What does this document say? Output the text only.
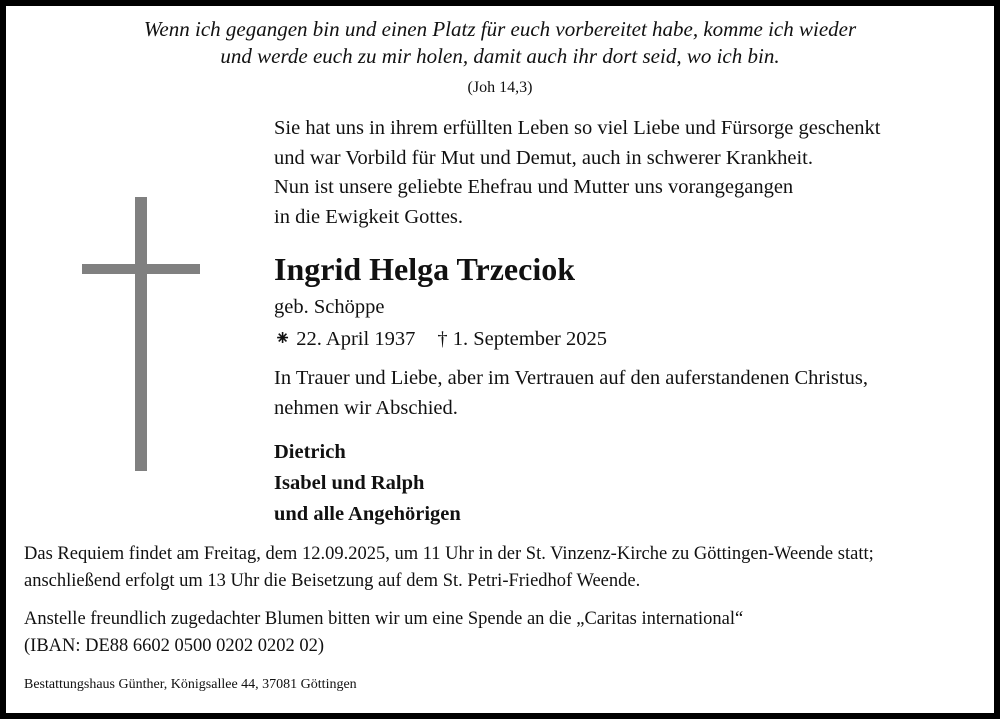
Wenn ich gegangen bin und einen Platz für euch vorbereitet habe, komme ich wieder
und werde euch zu mir holen, damit auch ihr dort seid, wo ich bin.
(Joh 14,3)
Sie hat uns in ihrem erfüllten Leben so viel Liebe und Fürsorge geschenkt
und war Vorbild für Mut und Demut, auch in schwerer Krankheit.
Nun ist unsere geliebte Ehefrau und Mutter uns vorangegangen
in die Ewigkeit Gottes.
Ingrid Helga Trzeciok
geb. Schöppe
⁕ 22. April 1937 † 1. September 2025
In Trauer und Liebe, aber im Vertrauen auf den auferstandenen Christus,
nehmen wir Abschied.
Dietrich
Isabel und Ralph
und alle Angehörigen
Das Requiem findet am Freitag, dem 12.09.2025, um 11 Uhr in der St. Vinzenz-Kirche zu Göttingen-Weende statt;
anschließend erfolgt um 13 Uhr die Beisetzung auf dem St. Petri-Friedhof Weende.
Anstelle freundlich zugedachter Blumen bitten wir um eine Spende an die „Caritas international“
(IBAN: DE88 6602 0500 0202 0202 02)
Bestattungshaus Günther, Königsallee 44, 37081 Göttingen
